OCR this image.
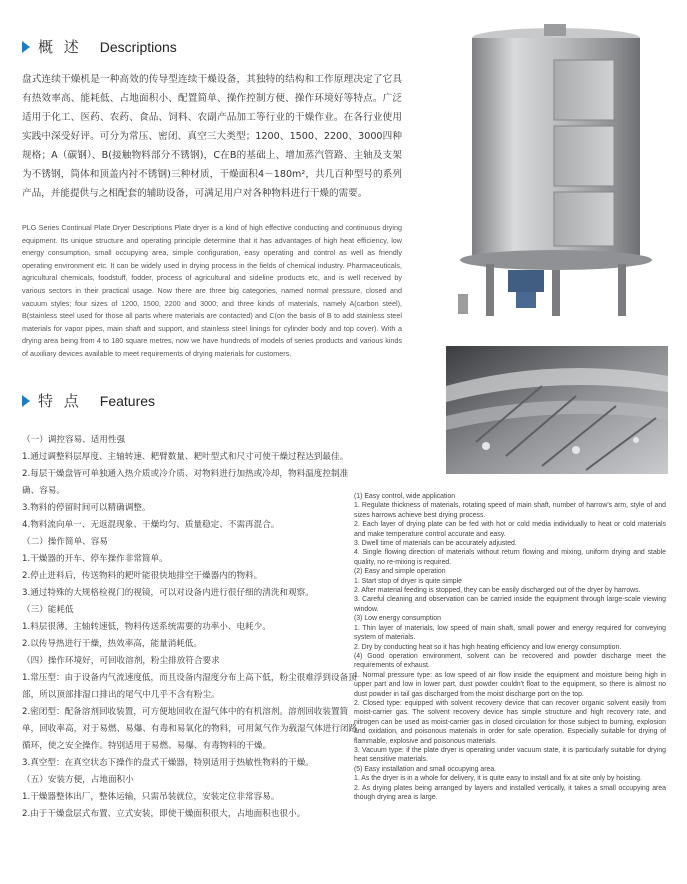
概 述 Descriptions
盘式连续干燥机是一种高效的传导型连续干燥设备，其独特的结构和工作原理决定了它具有热效率高、能耗低、占地面积小、配置简单、操作控制方便、操作环境好等特点。广泛适用于化工、医药、农药、食品、饲料、农副产品加工等行业的干燥作业。在各行业使用实践中深受好评。可分为常压、密闭、真空三大类型；1200、1500、2200、3000四种规格；A（碳钢）、B(接触物料部分不锈钢)，C在B的基础上、增加蒸汽管路、主轴及支架为不锈钢，筒体和顶盖内衬不锈钢)三种材质，干燥面积4－180m²，共几百种型号的系列产品，并能提供与之相配套的辅助设备，可满足用户对各种物料进行干燥的需要。
PLG Series Continual Plate Dryer Descriptions Plate dryer is a kind of high effective conducting and continuous drying equipment. Its unique structure and operating principle determine that it has advantages of high heat efficiency, low energy consumption, small occupying area, simple configuration, easy operating and control as well as friendly operating environment etc. It can be widely used in drying process in the fields of chemical industry. Pharmaceuticals, agricultural chemicals, foodstuff, fodder, process of agricultural and sideline products etc, and is well received by various sectors in their practical usage. Now there are three big categories, named normal pressure, closed and vacuum styles; four sizes of 1200, 1500, 2200 and 3000; and three kinds of materials, namely A(carbon steel), B(stainless steel used for those all parts where materials are contacted) and C(on the basis of B to add stainless steel materials for vapor pipes, main shaft and support, and stainless steel linings for cylinder body and top cover). With a drying area being from 4 to 180 square metres, now we have hundreds of models of series products and various kinds of auxiliary devices available to meet requirements of drying materials for customers.
特 点 Features
（一）调控容易、适用性强
1.通过调整料层厚度、主轴转速、耙臂数量、耙叶型式和尺寸可使干燥过程达到最佳。
2.每层干燥盘皆可单独通入热介质或冷介质、对物料进行加热或冷却，物料温度控制准确、容易。
3.物料的停留时间可以精确调整。
4.物料流向单一、无返混现象、干燥均匀、质量稳定、不需再混合。
（二）操作简单、容易
1.干燥器的开车、停车操作非常简单。
2.停止进料后，传送物料的耙叶能很快地排空干燥器内的物料。
3.通过特殊的大规格检视门的视镜，可以对设备内进行很仔细的清洗和观察。
（三）能耗低
1.料层很薄，主轴转速低，物料传送系统需要的功率小、电耗少。
2.以传导热进行干燥，热效率高，能量消耗低。
（四）操作环境好，可回收溶剂，粉尘排放符合要求
1.常压型：由于设备内气流速度低，而且设备内湿度分布上高下低，粉尘很难浮到设备顶部，所以顶部排湿口排出的尾气中几乎不含有粉尘。
2.密闭型：配备溶剂回收装置，可方便地回收在湿气体中的有机溶剂。溶剂回收装置简单，回收率高，对于易燃、易爆、有毒和易氧化的物料，可用氮气作为载湿气体进行闭路循环，使之安全操作。特别适用于易燃、易爆、有毒物料的干燥。
3.真空型：在真空状态下操作的盘式干燥器，特别适用于热敏性物料的干燥。
（五）安装方便，占地面积小
1.干燥器整体出厂，整体运输，只需吊装就位，安装定位非常容易。
2.由于干燥盘层式布置、立式安装，即使干燥面积很大，占地面积也很小。
(1) Easy control, wide application
1. Regulate thickness of materials, rotating speed of main shaft, number of harrow's arm, style of and sizes harrows achieve best drying process.
2. Each layer of drying plate can be fed with hot or cold media individually to heat or cold materials and make temperature control accurate and easy.
3. Dwell time of materials can be accurately adjusted.
4. Single flowing direction of materials without return flowing and mixing, uniform drying and stable quality, no re-mixing is required.
(2) Easy and simple operation
1. Start stop of dryer is quite simple
2. After material feeding is stopped, they can be easily discharged out of the dryer by harrows.
3. Careful cleaning and observation can be carried inside the equipment through large-scale viewing window.
(3) Low energy consumption
1. Thin layer of materials, low speed of main shaft, small power and energy required for conveying system of materials.
2. Dry by conducting heat so it has high heating efficiency and low energy consumption.
(4) Good operation environment, solvent can be recovered and powder discharge meet the requirements of exhaust.
1. Normal pressure type: as low speed of air flow inside the equipment and moisture being high in upper part and low in lower part, dust powder couldn't float to the equipment, so there is almost no dust powder in tail gas discharged from the moist discharge port on the top.
2. Closed type: equipped with solvent recovery device that can recover organic solvent easily from moist-carrier gas. The solvent recovery device has simple structure and high recovery rate, and nitrogen can be used as moist-carrier gas in closed circulation for those subject to burning, explosion and oxidation, and poisonous materials in order for safe operation. Especially suitable for drying of flammable, explosive and poisonous materials.
3. Vacuum type: if the plate dryer is operating under vacuum state, it is particularly suitable for drying heat sensitive materials.
(5) Easy installation and small occupying area.
1. As the dryer is in a whole for delivery, it is quite easy to install and fix at site only by hoisting.
2. As drying plates being arranged by layers and installed vertically, it takes a small occupying area though drying area is large.
